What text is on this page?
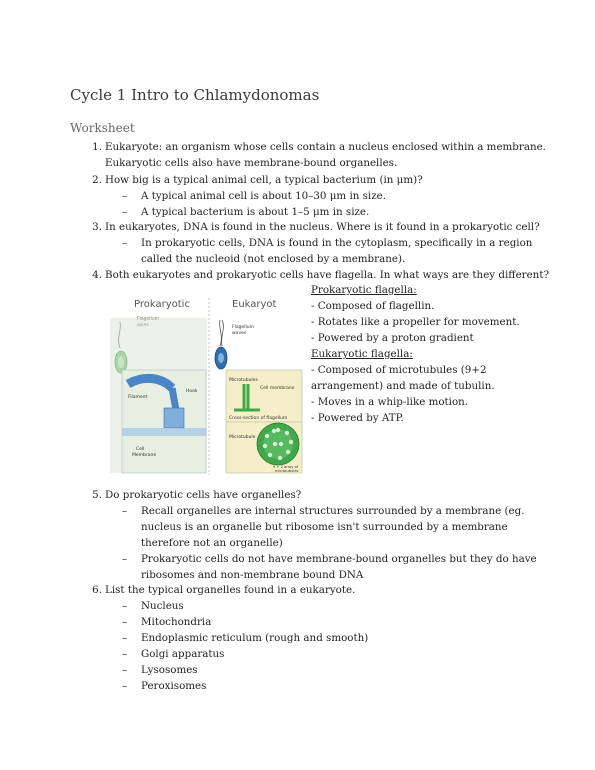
Cycle 1 Intro to Chlamydonomas
Worksheet
1. Eukaryote: an organism whose cells contain a nucleus enclosed within a membrane.
Eukaryotic cells also have membrane-bound organelles.
2. How big is a typical animal cell, a typical bacterium (in μm)?
– A typical animal cell is about 10–30 μm in size.
– A typical bacterium is about 1–5 μm in size.
3. In eukaryotes, DNA is found in the nucleus. Where is it found in a prokaryotic cell?
– In prokaryotic cells, DNA is found in the cytoplasm, specifically in a region
called the nucleoid (not enclosed by a membrane).
4. Both eukaryotes and prokaryotic cells have flagella. In what ways are they different?
Prokaryotic	Eukaryot
Filament
Hook
Cell
Membrane
Flagellum
waves
Microtubules
Cell membrane
Cross-section of flagellum
Microtubule
9 + 2 array of
microtubules
Prokaryotic flagella:
- Composed of flagellin.
- Rotates like a propeller for movement.
- Powered by a proton gradient
Eukaryotic flagella:
- Composed of microtubules (9+2
arrangement) and made of tubulin.
- Moves in a whip-like motion.
- Powered by ATP.
5. Do prokaryotic cells have organelles?
– Recall organelles are internal structures surrounded by a membrane (eg.
nucleus is an organelle but ribosome isn't surrounded by a membrane
therefore not an organelle)
– Prokaryotic cells do not have membrane-bound organelles but they do have
ribosomes and non-membrane bound DNA
6. List the typical organelles found in a eukaryote.
– Nucleus
– Mitochondria
– Endoplasmic reticulum (rough and smooth)
– Golgi apparatus
– Lysosomes
– Peroxisomes
